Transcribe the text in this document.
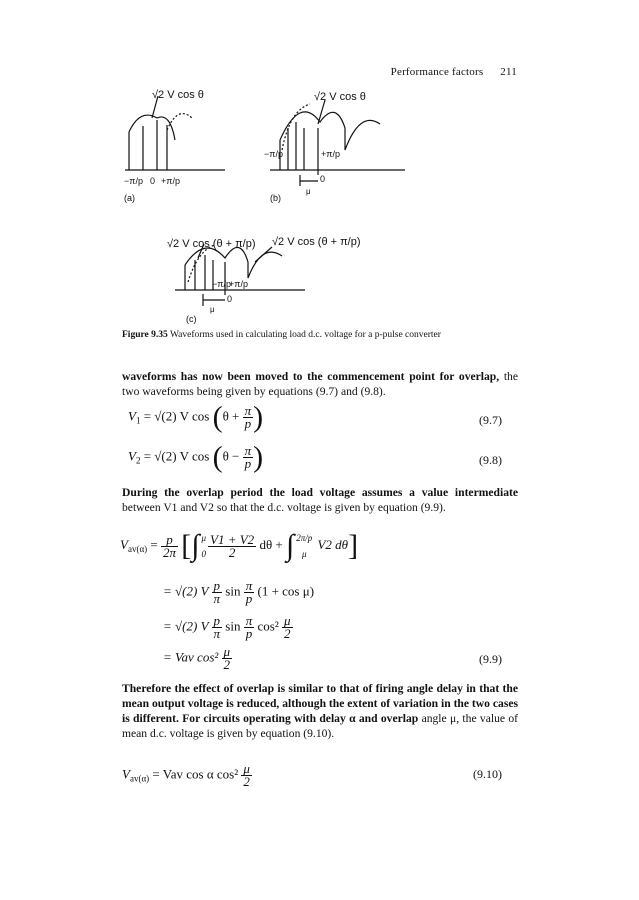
Performance factors 211
√2 V cos θ
−π/p 0 +π/p
(a)
√2 V cos θ
−π/p	+π/p
0
μ
(b)
√2 V cos (θ + π/p) √2 V cos (θ + π/p)
−π/p
+π/p
0
μ
(c)
Figure 9.35 Waveforms used in calculating load d.c. voltage for a p-pulse converter
waveforms has now been moved to the commencement point for overlap, the two waveforms being given by equations (9.7) and (9.8).
$V_1 = √(2)$ V $\cos (\theta + \frac{\pi}{p}$ )	(9.7)
$V_2 = √(2)$ V $\cos (\theta - \frac{\pi}{p}$ )	(9.8)
During the overlap period the load voltage assumes a value intermediate between V1 and V2 so that the d.c. voltage is given by equation (9.9).
$V_{av(\alpha)} = \frac{p}{2\pi}$ [∫ μ
$0 \frac{V1 + V2}{2}$ dθ + ∫ 2π/p
μ
V2 dθ]
= √(2) V $\frac{p}{\pi}$ $\sin \frac{\pi}{p} (1 + \cos \mu)$
= √(2) V $\frac{p}{\pi}$ $\sin \frac{\pi}{p} \cos^2 \frac{\mu}{2}$
= Vav $\cos^2 \frac{\mu}{2}$	(9.9)
Therefore the effect of overlap is similar to that of firing angle delay in that the mean output voltage is reduced, although the extent of variation in the two cases is different. For circuits operating with delay α and overlap angle μ, the value of mean d.c. voltage is given by equation (9.10).
$V_{av(\alpha)}$ = Vav cos α $\cos^2 \frac{\mu}{2}$	(9.10)
